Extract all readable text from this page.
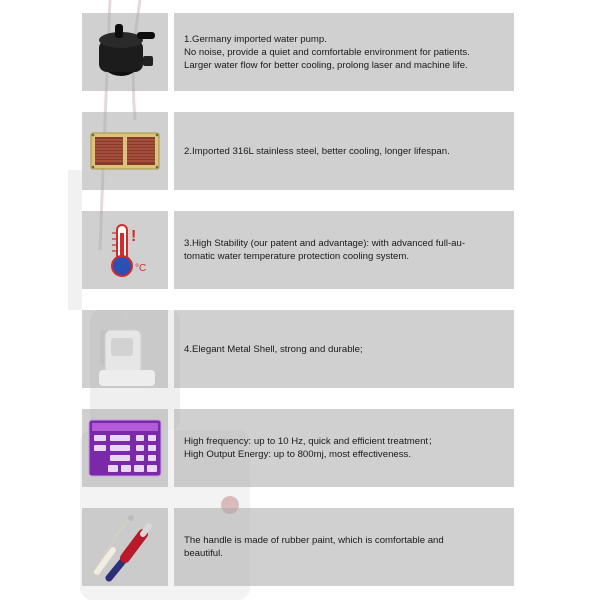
1.Germany imported water pump.
No noise, provide a quiet and comfortable environment for patients.
Larger water flow for better cooling, prolong laser and machine life.
2.Imported 316L stainless steel, better cooling, longer lifespan.
!
°C
3.High Stability (our patent and advantage): with advanced full-au-
tomatic water temperature protection cooling system.
4.Elegant Metal Shell, strong and durable;
High frequency: up to 10 Hz, quick and efficient treatment；
High Output Energy: up to 800mj, most effectiveness.
The handle is made of rubber paint, which is comfortable and
beautiful.
